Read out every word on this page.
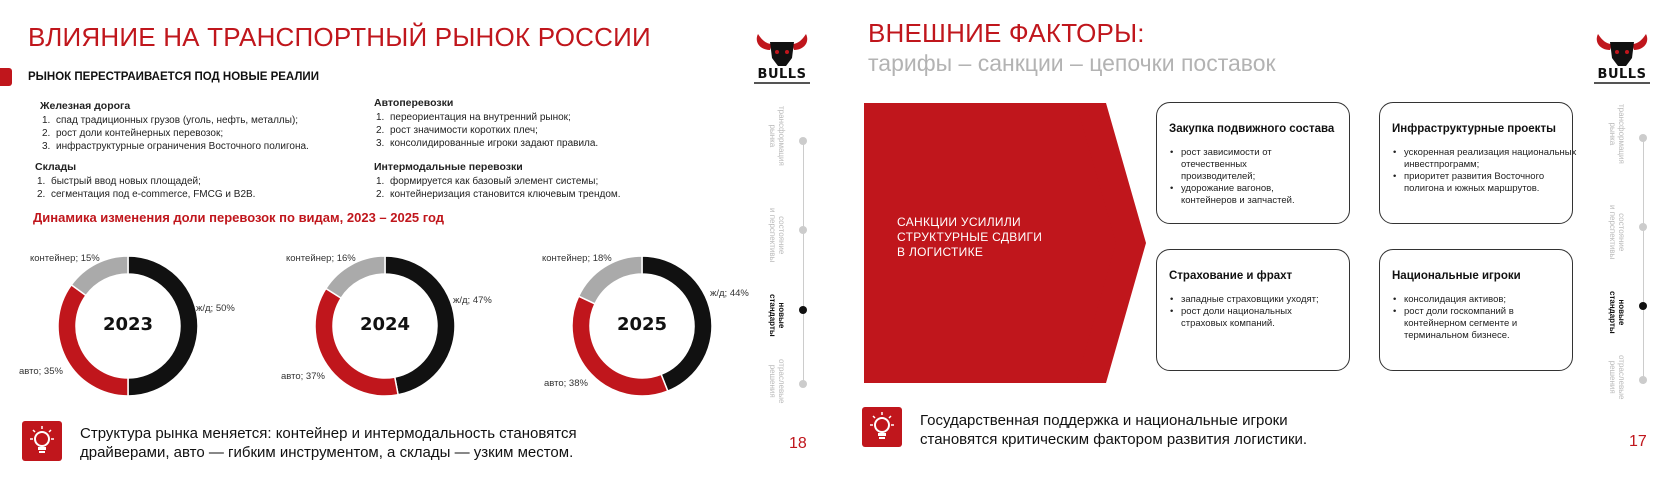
ВЛИЯНИЕ НА ТРАНСПОРТНЫЙ РЫНОК РОССИИ
BULLS
РЫНОК ПЕРЕСТРАИВАЕТСЯ ПОД НОВЫЕ РЕАЛИИ
Железная дорога
1. спад традиционных грузов (уголь, нефть, металлы);
2. рост доли контейнерных перевозок;
3. инфраструктурные ограничения Восточного полигона.
Склады
1. быстрый ввод новых площадей;
2. сегментация под e-commerce, FMCG и B2B.
Автоперевозки
1. переориентация на внутренний рынок;
2. рост значимости коротких плеч;
3. консолидированные игроки задают правила.
Интермодальные перевозки
1. формируется как базовый элемент системы;
2. контейнеризация становится ключевым трендом.
Динамика изменения доли перевозок по видам, 2023 – 2025 год
2023
контейнер; 15%
ж/д; 50%
авто; 35%
2024
контейнер; 16%
ж/д; 47%
авто; 37%
2025
контейнер; 18%
ж/д; 44%
авто; 38%
трансформация
рынка
состояние
и перспективы
новые
стандарты
отраслевые
решения
18
Структура рынка меняется: контейнер и интермодальность становятся
драйверами, авто — гибким инструментом, а склады — узким местом.
ВНЕШНИЕ ФАКТОРЫ:
тарифы – санкции – цепочки поставок	BULLS
САНКЦИИ УСИЛИЛИ
СТРУКТУРНЫЕ СДВИГИ
В ЛОГИСТИКЕ
Закупка подвижного состава
• рост зависимости от отечественных производителей;
• удорожание вагонов, контейнеров и запчастей.
Инфраструктурные проекты
• ускоренная реализация национальных инвестпрограмм;
• приоритет развития Восточного полигона и южных маршрутов.
Страхование и фрахт
• западные страховщики уходят;
• рост доли национальных страховых компаний.
Национальные игроки
• консолидация активов;
• рост доли госкомпаний в контейнерном сегменте и терминальном бизнесе.
трансформация
рынка
состояние
и перспективы
новые
стандарты
отраслевые
решения
17
Государственная поддержка и национальные игроки
становятся критическим фактором развития логистики.
